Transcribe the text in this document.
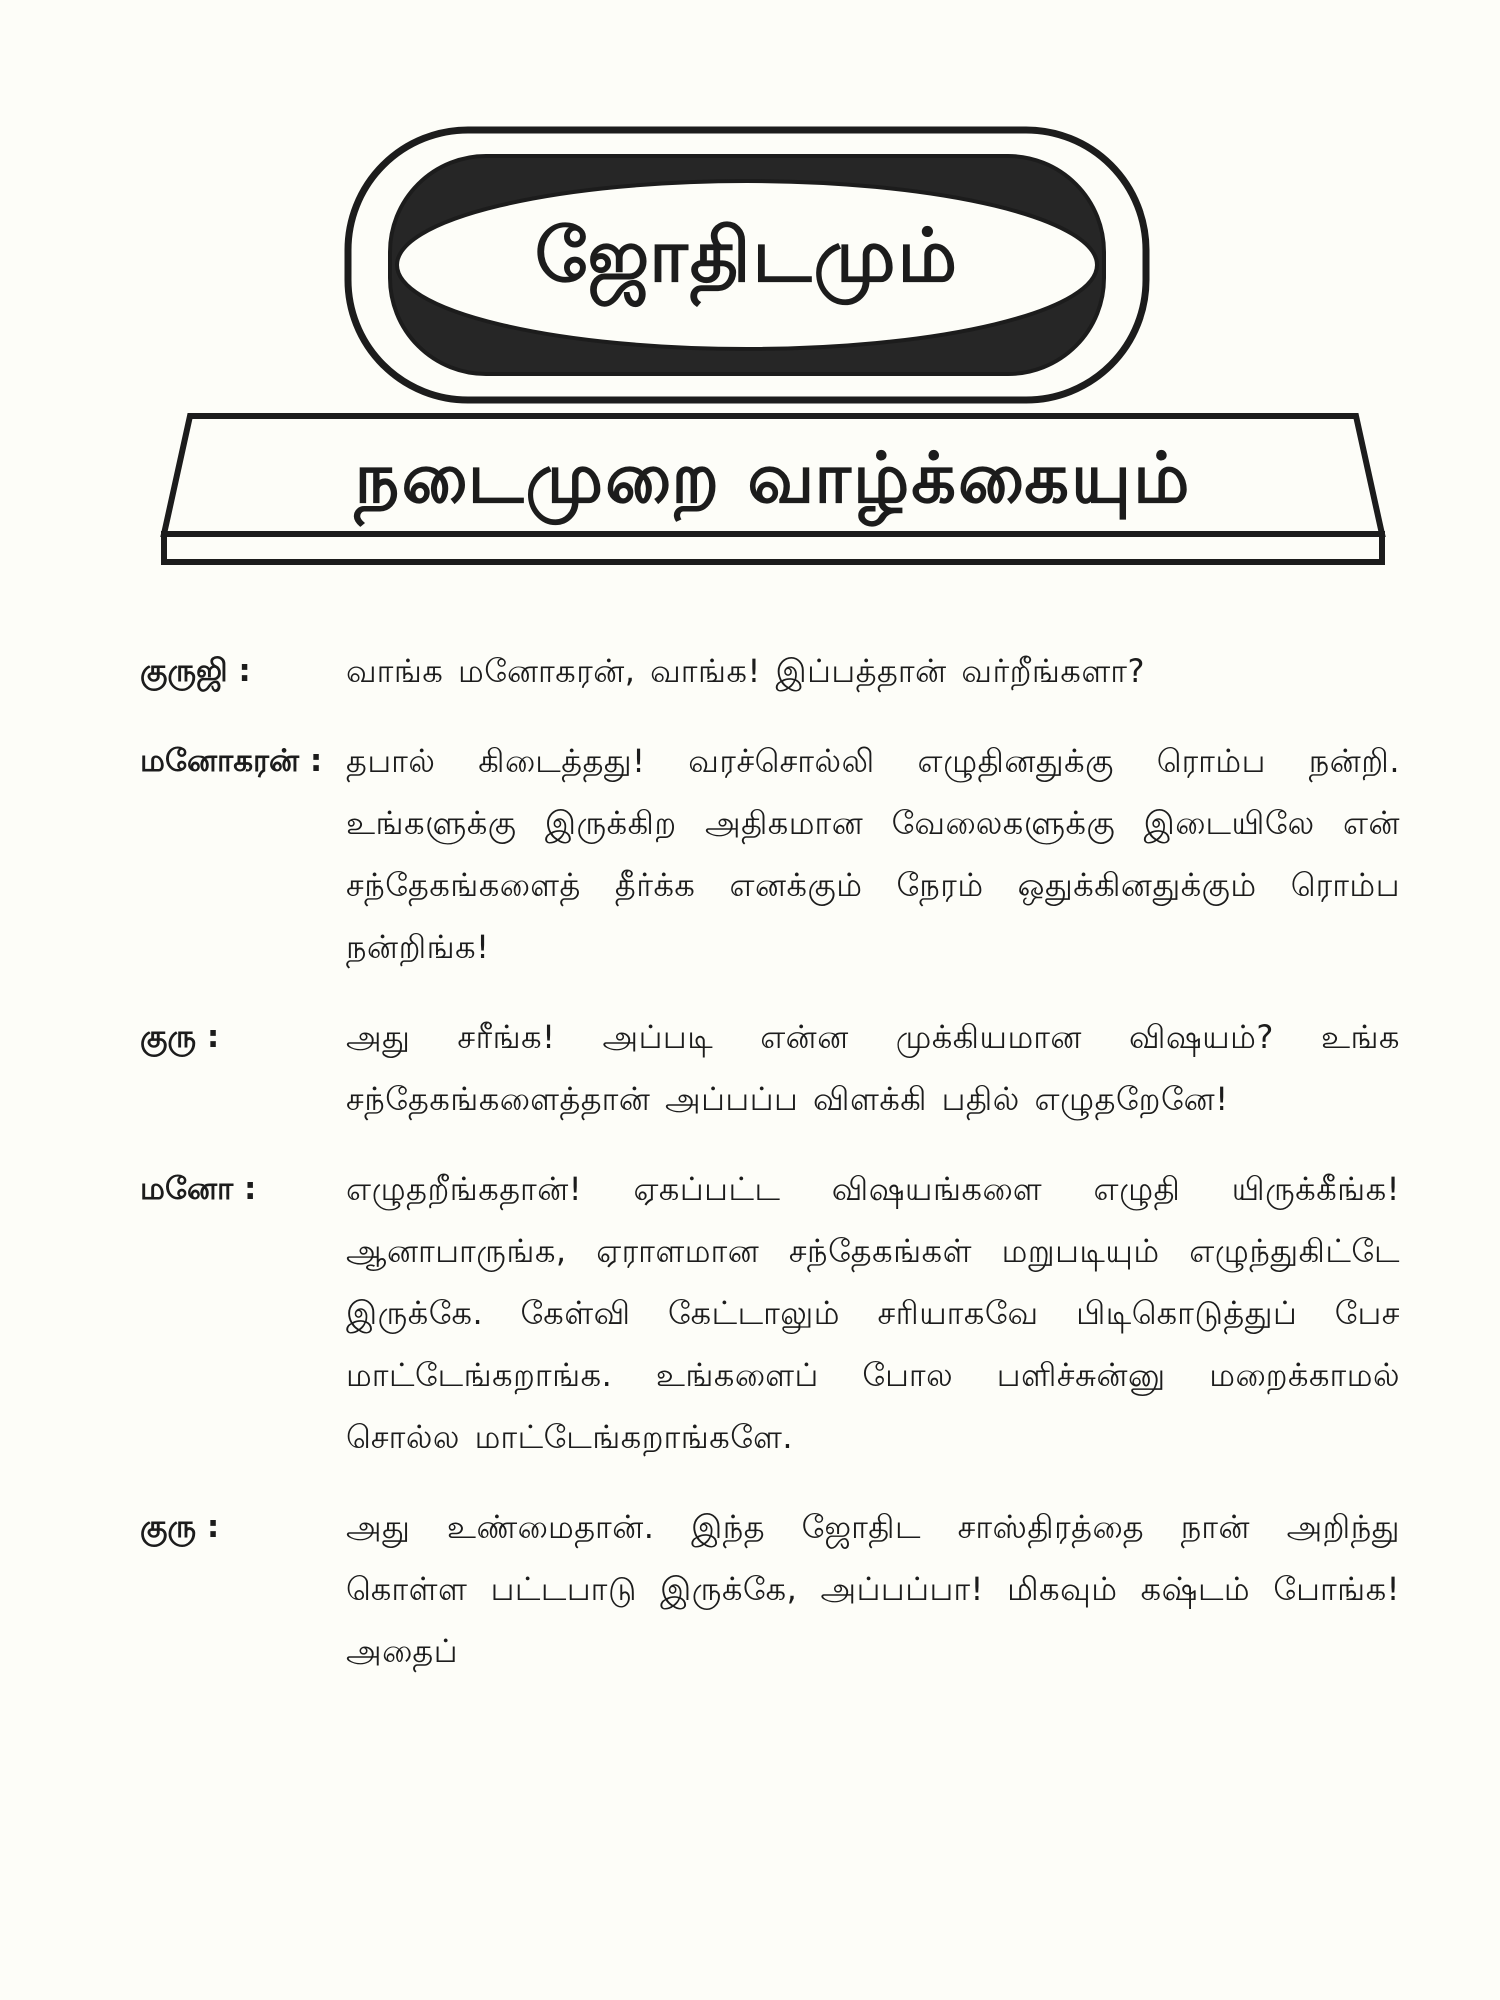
ஜோதிடமும்
நடைமுறை வாழ்க்கையும்
குருஜி :	வாங்க மனோகரன், வாங்க! இப்பத்தான் வர்றீங்களா?
மனோகரன் : தபால் கிடைத்தது! வரச்சொல்லி எழுதினதுக்கு ரொம்ப நன்றி. உங்களுக்கு இருக்கிற அதிகமான வேலைகளுக்கு இடையிலே என் சந்தேகங்களைத் தீர்க்க எனக்கும் நேரம் ஒதுக்கினதுக்கும் ரொம்ப நன்றிங்க!
குரு :	அது சரீங்க! அப்படி என்ன முக்கியமான விஷயம்? உங்க சந்தேகங்களைத்தான் அப்பப்ப விளக்கி பதில் எழுதறேனே!
மனோ :	எழுதறீங்கதான்! ஏகப்பட்ட விஷயங்களை எழுதி யிருக்கீங்க! ஆனாபாருங்க, ஏராளமான சந்தேகங்கள் மறுபடியும் எழுந்துகிட்டே இருக்கே. கேள்வி கேட்டாலும் சரியாகவே பிடிகொடுத்துப் பேச மாட்டேங்கறாங்க. உங்களைப் போல பளிச்சுன்னு மறைக்காமல் சொல்ல மாட்டேங்கறாங்களே.
குரு :	அது உண்மைதான். இந்த ஜோதிட சாஸ்திரத்தை நான் அறிந்து கொள்ள பட்டபாடு இருக்கே, அப்பப்பா! மிகவும் கஷ்டம் போங்க! அதைப்
